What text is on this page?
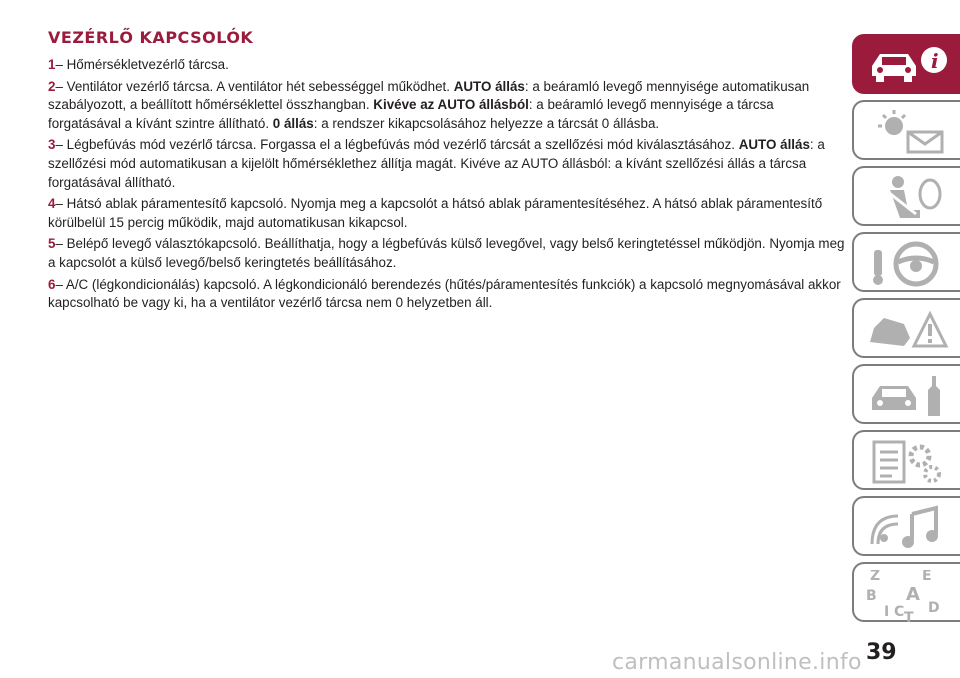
VEZÉRLŐ KAPCSOLÓK

1– Hőmérsékletvezérlő tárcsa.

2– Ventilátor vezérlő tárcsa. A ventilátor hét sebességgel működhet. AUTO állás: a beáramló levegő mennyisége automatikusan szabályozott, a beállított hőmérséklettel összhangban. Kivéve az AUTO állásból: a beáramló levegő mennyisége a tárcsa forgatásával a kívánt szintre állítható. 0 állás: a rendszer kikapcsolásához helyezze a tárcsát 0 állásba.

3– Légbefúvás mód vezérlő tárcsa. Forgassa el a légbefúvás mód vezérlő tárcsát a szellőzési mód kiválasztásához. AUTO állás: a szellőzési mód automatikusan a kijelölt hőmérséklethez állítja magát. Kivéve az AUTO állásból: a kívánt szellőzési állás a tárcsa forgatásával állítható.

4– Hátsó ablak páramentesítő kapcsoló. Nyomja meg a kapcsolót a hátsó ablak páramentesítéséhez. A hátsó ablak páramentesítő körülbelül 15 percig működik, majd automatikusan kikapcsol.

5– Belépő levegő választókapcsoló. Beállíthatja, hogy a légbefúvás külső levegővel, vagy belső keringtetéssel működjön. Nyomja meg a kapcsolót a külső levegő/belső keringtetés beállításához.

6– A/C (légkondicionálás) kapcsoló. A légkondicionáló berendezés (hűtés/páramentesítés funkciók) a kapcsoló megnyomásával akkor kapcsolható be vagy ki, ha a ventilátor vezérlő tárcsa nem 0 helyzetben áll.

i
Z	E
B A
I C T
D
39
carmanualsonline.info
